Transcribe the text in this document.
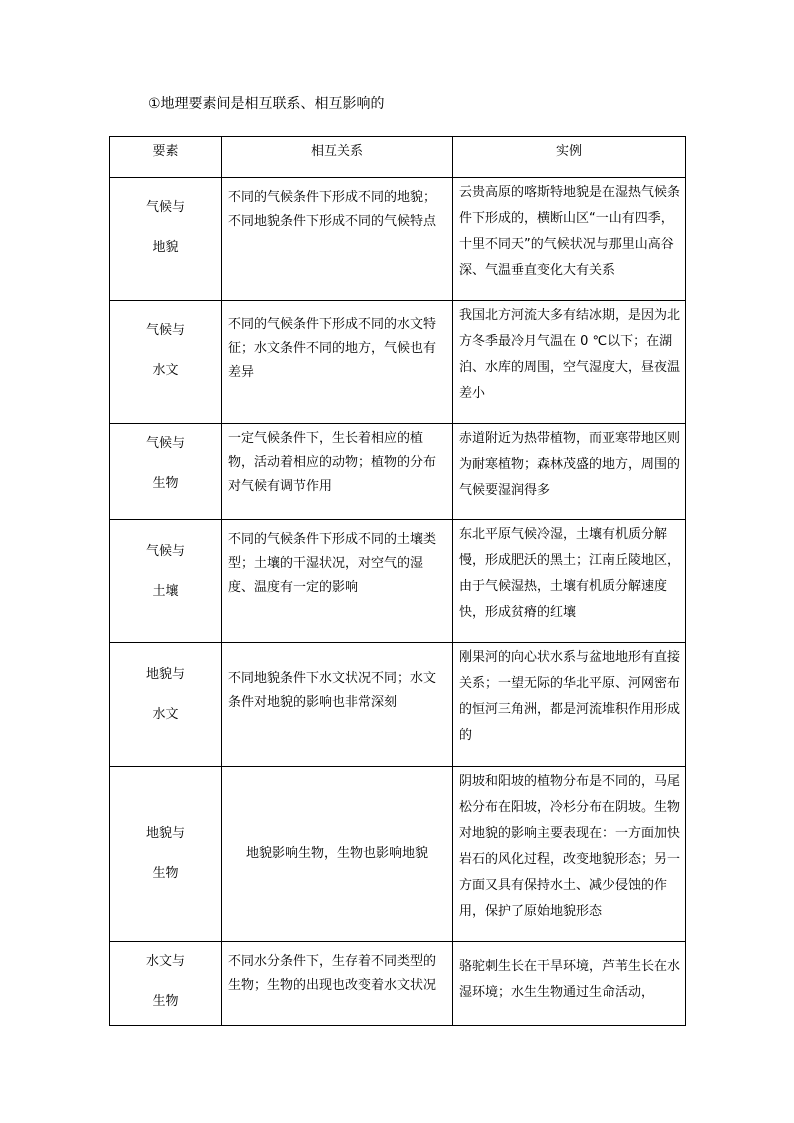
①地理要素间是相互联系、相互影响的
要素	相互关系	实例

气候与
地貌	不同的气候条件下形成不同的地貌；不同地貌条件下形成不同的气候特点	云贵高原的喀斯特地貌是在湿热气候条件下形成的，横断山区“一山有四季，十里不同天”的气候状况与那里山高谷深、气温垂直变化大有关系

气候与
水文	不同的气候条件下形成不同的水文特征；水文条件不同的地方，气候也有差异	我国北方河流大多有结冰期，是因为北方冬季最冷月气温在 0 ℃以下；在湖泊、水库的周围，空气湿度大，昼夜温差小

气候与
生物	一定气候条件下，生长着相应的植物，活动着相应的动物；植物的分布对气候有调节作用	赤道附近为热带植物，而亚寒带地区则为耐寒植物；森林茂盛的地方，周围的气候要湿润得多

气候与
土壤	不同的气候条件下形成不同的土壤类型；土壤的干湿状况，对空气的湿度、温度有一定的影响	东北平原气候冷湿，土壤有机质分解慢，形成肥沃的黑土；江南丘陵地区，由于气候湿热，土壤有机质分解速度快，形成贫瘠的红壤

地貌与
水文	不同地貌条件下水文状况不同；水文条件对地貌的影响也非常深刻	刚果河的向心状水系与盆地地形有直接关系；一望无际的华北平原、河网密布的恒河三角洲，都是河流堆积作用形成的

地貌与
生物	地貌影响生物，生物也影响地貌	阴坡和阳坡的植物分布是不同的，马尾松分布在阳坡，冷杉分布在阴坡。生物对地貌的影响主要表现在：一方面加快岩石的风化过程，改变地貌形态；另一方面又具有保持水土、减少侵蚀的作用，保护了原始地貌形态

水文与
生物	不同水分条件下，生存着不同类型的生物；生物的出现也改变着水文状况	骆驼刺生长在干旱环境，芦苇生长在水湿环境；水生生物通过生命活动，
